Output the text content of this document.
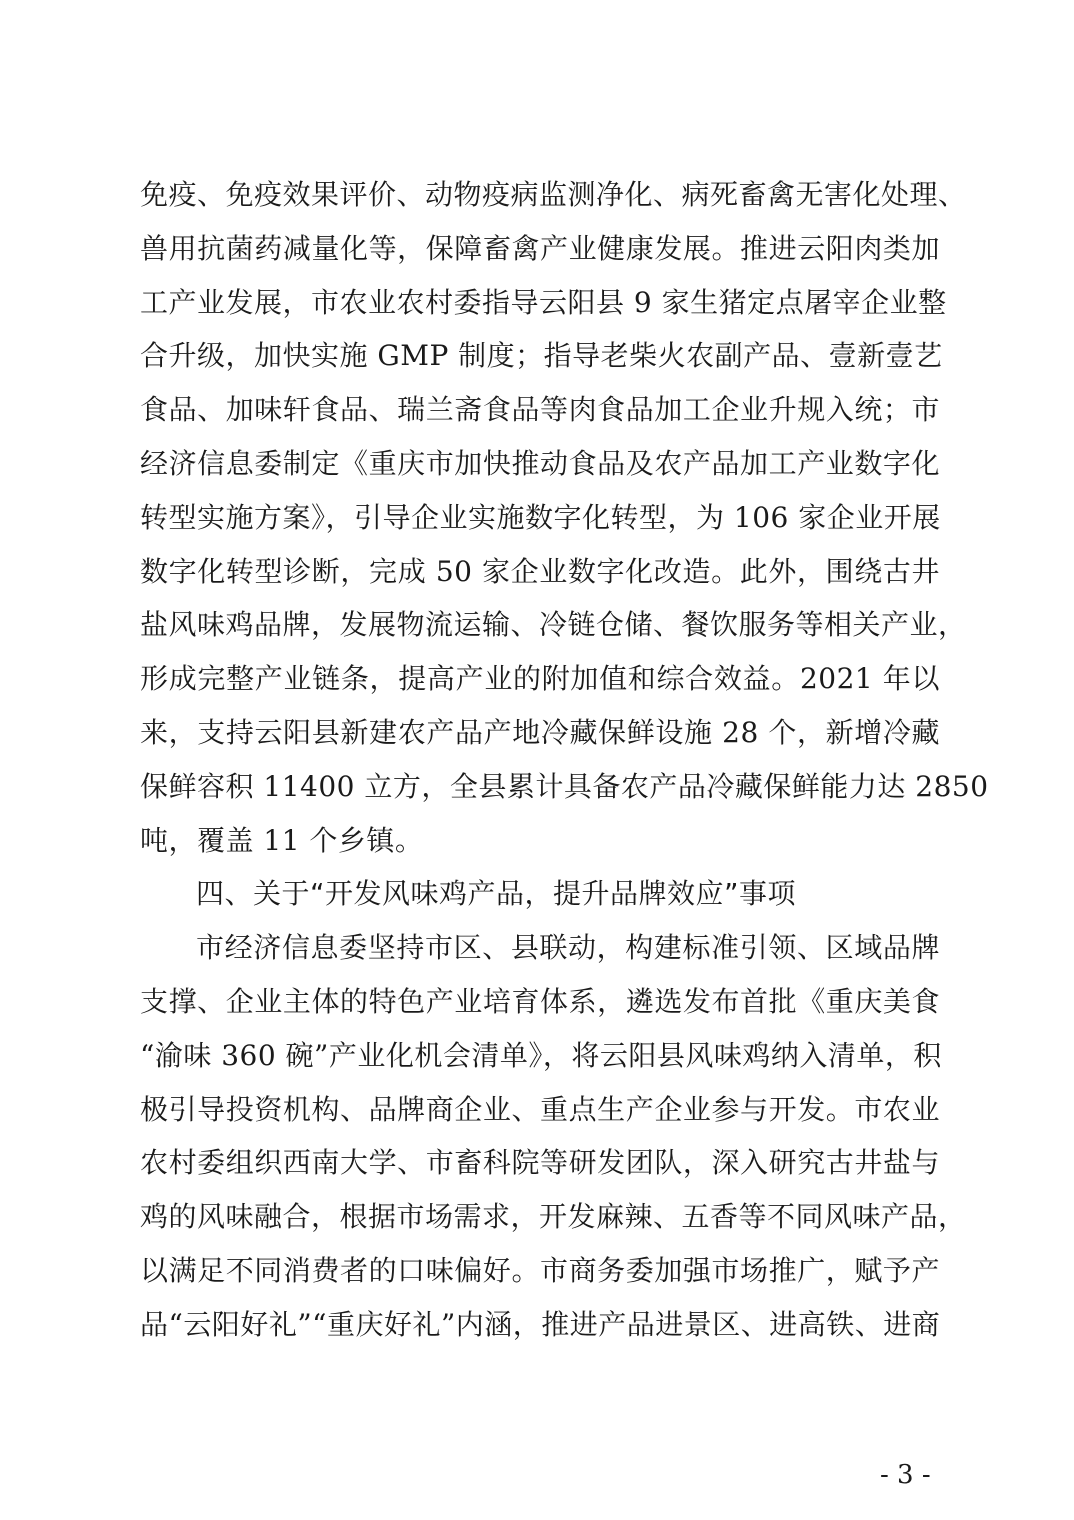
免疫、免疫效果评价、动物疫病监测净化、病死畜禽无害化处理、
兽用抗菌药减量化等，保障畜禽产业健康发展。推进云阳肉类加
工产业发展，市农业农村委指导云阳县 9 家生猪定点屠宰企业整
合升级，加快实施 GMP 制度；指导老柴火农副产品、壹新壹艺
食品、加味轩食品、瑞兰斋食品等肉食品加工企业升规入统；市
经济信息委制定《重庆市加快推动食品及农产品加工产业数字化
转型实施方案》，引导企业实施数字化转型，为 106 家企业开展
数字化转型诊断，完成 50 家企业数字化改造。此外，围绕古井
盐风味鸡品牌，发展物流运输、冷链仓储、餐饮服务等相关产业，
形成完整产业链条，提高产业的附加值和综合效益。2021 年以
来，支持云阳县新建农产品产地冷藏保鲜设施 28 个，新增冷藏
保鲜容积 11400 立方，全县累计具备农产品冷藏保鲜能力达 2850
吨，覆盖 11 个乡镇。
四、关于“开发风味鸡产品，提升品牌效应”事项
市经济信息委坚持市区、县联动，构建标准引领、区域品牌
支撑、企业主体的特色产业培育体系，遴选发布首批《重庆美食
“渝味 360 碗”产业化机会清单》，将云阳县风味鸡纳入清单，积
极引导投资机构、品牌商企业、重点生产企业参与开发。市农业
农村委组织西南大学、市畜科院等研发团队，深入研究古井盐与
鸡的风味融合，根据市场需求，开发麻辣、五香等不同风味产品，
以满足不同消费者的口味偏好。市商务委加强市场推广，赋予产
品“云阳好礼”“重庆好礼”内涵，推进产品进景区、进高铁、进商
- 3 -
